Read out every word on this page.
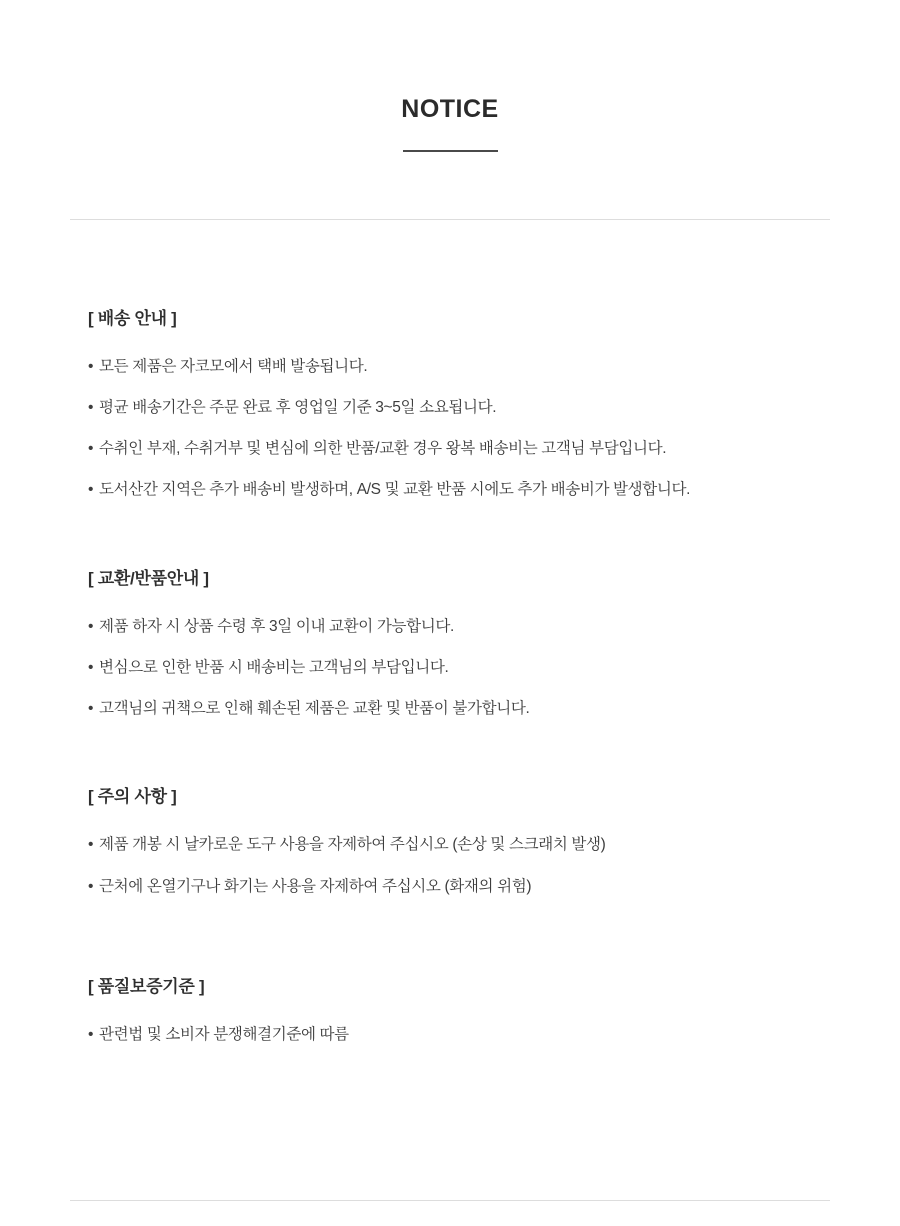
NOTICE
[ 배송 안내 ]
• 모든 제품은 자코모에서 택배 발송됩니다.
• 평균 배송기간은 주문 완료 후 영업일 기준 3~5일 소요됩니다.
• 수취인 부재, 수취거부 및 변심에 의한 반품/교환 경우 왕복 배송비는 고객님 부담입니다.
• 도서산간 지역은 추가 배송비 발생하며, A/S 및 교환 반품 시에도 추가 배송비가 발생합니다.
[ 교환/반품안내 ]
• 제품 하자 시 상품 수령 후 3일 이내 교환이 가능합니다.
• 변심으로 인한 반품 시 배송비는 고객님의 부담입니다.
• 고객님의 귀책으로 인해 훼손된 제품은 교환 및 반품이 불가합니다.
[ 주의 사항 ]
• 제품 개봉 시 날카로운 도구 사용을 자제하여 주십시오 (손상 및 스크래치 발생)
• 근처에 온열기구나 화기는 사용을 자제하여 주십시오 (화재의 위험)
[ 품질보증기준 ]
• 관련법 및 소비자 분쟁해결기준에 따름
